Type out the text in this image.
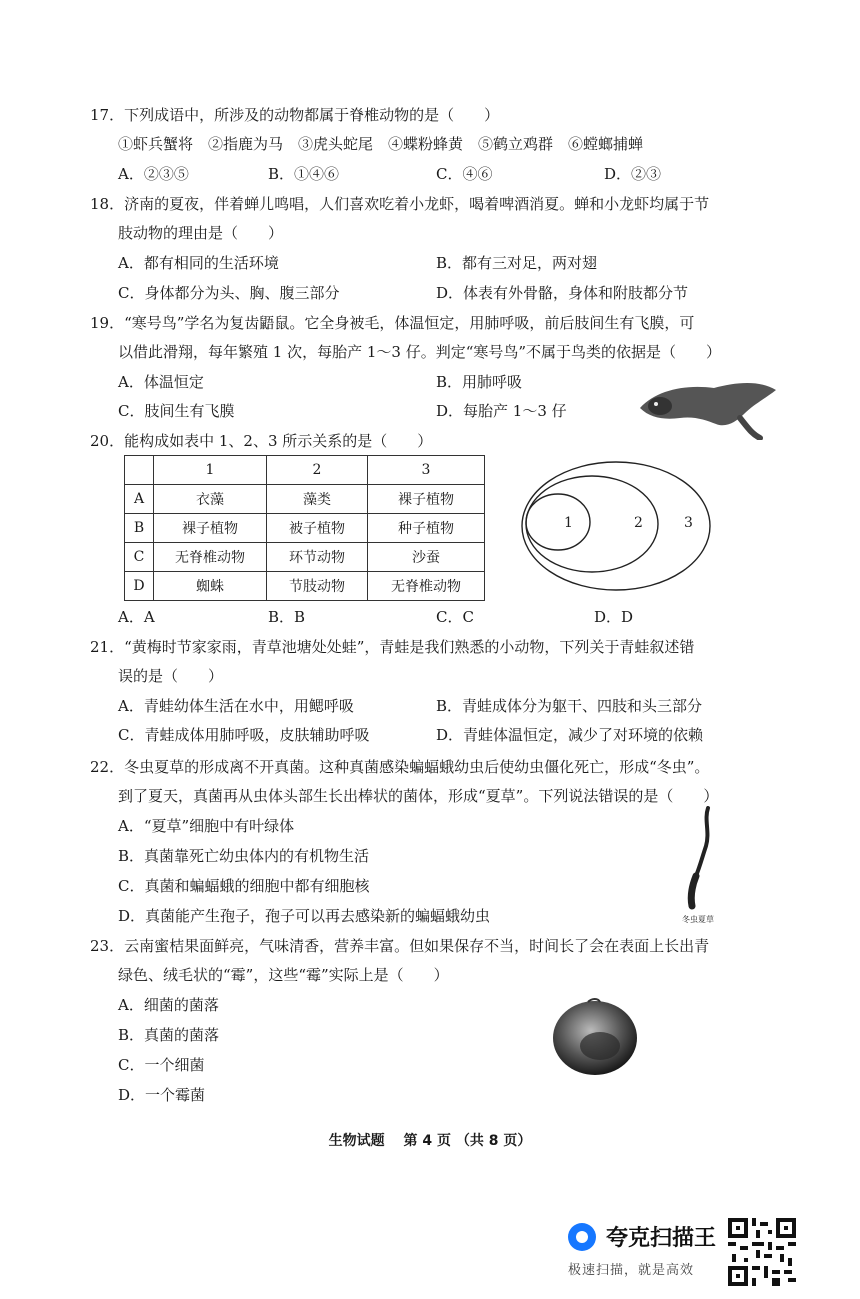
17．下列成语中，所涉及的动物都属于脊椎动物的是（　　）
①虾兵蟹将　②指鹿为马　③虎头蛇尾　④蝶粉蜂黄　⑤鹤立鸡群　⑥螳螂捕蝉
A．②③⑤	B．①④⑥	C．④⑥	D．②③
18．济南的夏夜，伴着蝉儿鸣唱，人们喜欢吃着小龙虾，喝着啤酒消夏。蝉和小龙虾均属于节
肢动物的理由是（　　）
A．都有相同的生活环境	B．都有三对足，两对翅
C．身体都分为头、胸、腹三部分	D．体表有外骨骼，身体和附肢都分节
19．“寒号鸟”学名为复齿鼯鼠。它全身被毛，体温恒定，用肺呼吸，前后肢间生有飞膜，可
以借此滑翔，每年繁殖 1 次，每胎产 1～3 仔。判定“寒号鸟”不属于鸟类的依据是（　　）
A．体温恒定	B．用肺呼吸
C．肢间生有飞膜	D．每胎产 1～3 仔
20．能构成如表中 1、2、3 所示关系的是（　　）
	1	2	3
A	衣藻	藻类	裸子植物
B	裸子植物	被子植物	种子植物
C	无脊椎动物	环节动物	沙蚕
D	蜘蛛	节肢动物	无脊椎动物
1	2	3
A．A	B．B	C．C	D．D
21．“黄梅时节家家雨，青草池塘处处蛙”，青蛙是我们熟悉的小动物，下列关于青蛙叙述错
误的是（　　）
A．青蛙幼体生活在水中，用鳃呼吸	B．青蛙成体分为躯干、四肢和头三部分
C．青蛙成体用肺呼吸，皮肤辅助呼吸	D．青蛙体温恒定，减少了对环境的依赖
22．冬虫夏草的形成离不开真菌。这种真菌感染蝙蝠蛾幼虫后使幼虫僵化死亡，形成“冬虫”。
到了夏天，真菌再从虫体头部生长出棒状的菌体，形成“夏草”。下列说法错误的是（　　）
A．“夏草”细胞中有叶绿体
B．真菌靠死亡幼虫体内的有机物生活
C．真菌和蝙蝠蛾的细胞中都有细胞核
D．真菌能产生孢子，孢子可以再去感染新的蝙蝠蛾幼虫	冬虫夏草
23．云南蜜桔果面鲜亮，气味清香，营养丰富。但如果保存不当，时间长了会在表面上长出青
绿色、绒毛状的“霉”，这些“霉”实际上是（　　）
A．细菌的菌落
B．真菌的菌落
C．一个细菌
D．一个霉菌
生物试题　 第 4 页 （共 8 页）
夸克扫描王
极速扫描，就是高效
